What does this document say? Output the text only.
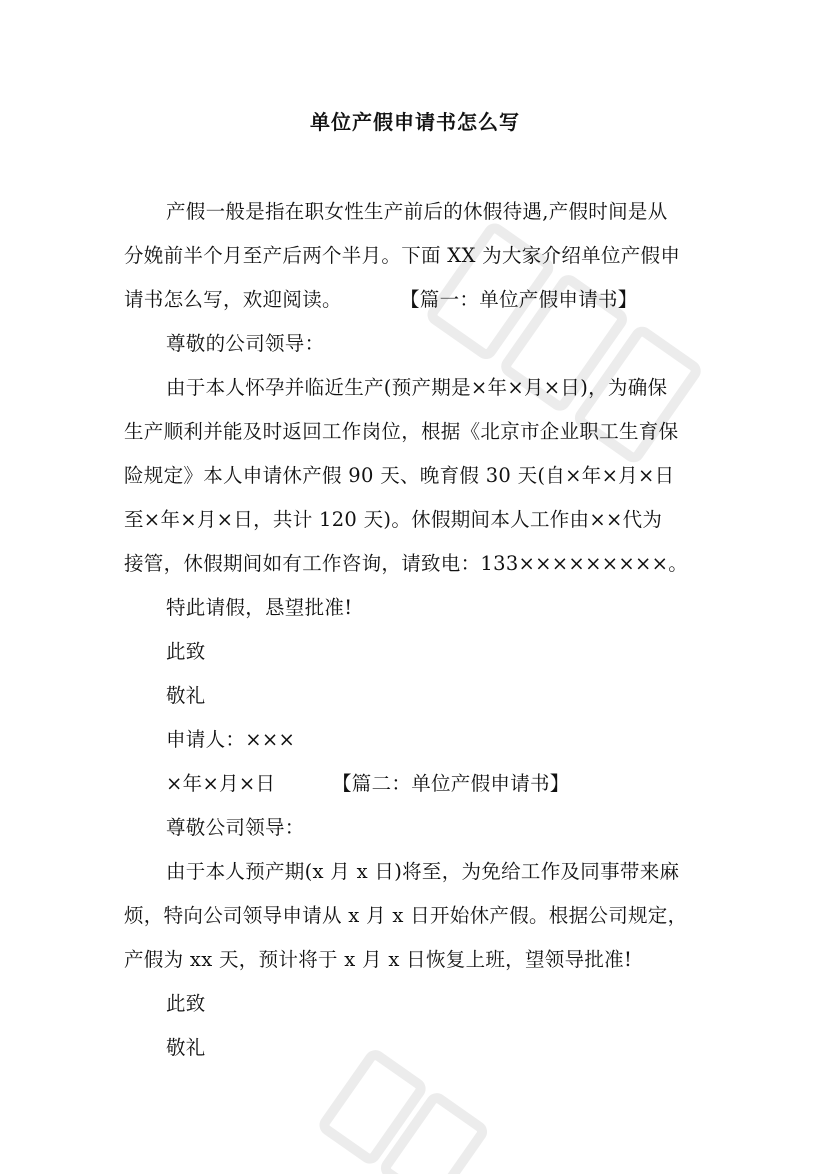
单位产假申请书怎么写
产假一般是指在职女性生产前后的休假待遇,产假时间是从
分娩前半个月至产后两个半月。下面 XX 为大家介绍单位产假申
请书怎么写，欢迎阅读。	【篇一：单位产假申请书】
尊敬的公司领导：
由于本人怀孕并临近生产(预产期是×年×月×日)，为确保
生产顺利并能及时返回工作岗位，根据《北京市企业职工生育保
险规定》本人申请休产假 90 天、晚育假 30 天(自×年×月×日
至×年×月×日，共计 120 天)。休假期间本人工作由××代为
接管，休假期间如有工作咨询，请致电：133×××××××××。
特此请假，恳望批准!
此致
敬礼
申请人：×××
×年×月×日	【篇二：单位产假申请书】
尊敬公司领导：
由于本人预产期(x 月 x 日)将至，为免给工作及同事带来麻
烦，特向公司领导申请从 x 月 x 日开始休产假。根据公司规定，
产假为 xx 天，预计将于 x 月 x 日恢复上班，望领导批准!
此致
敬礼
